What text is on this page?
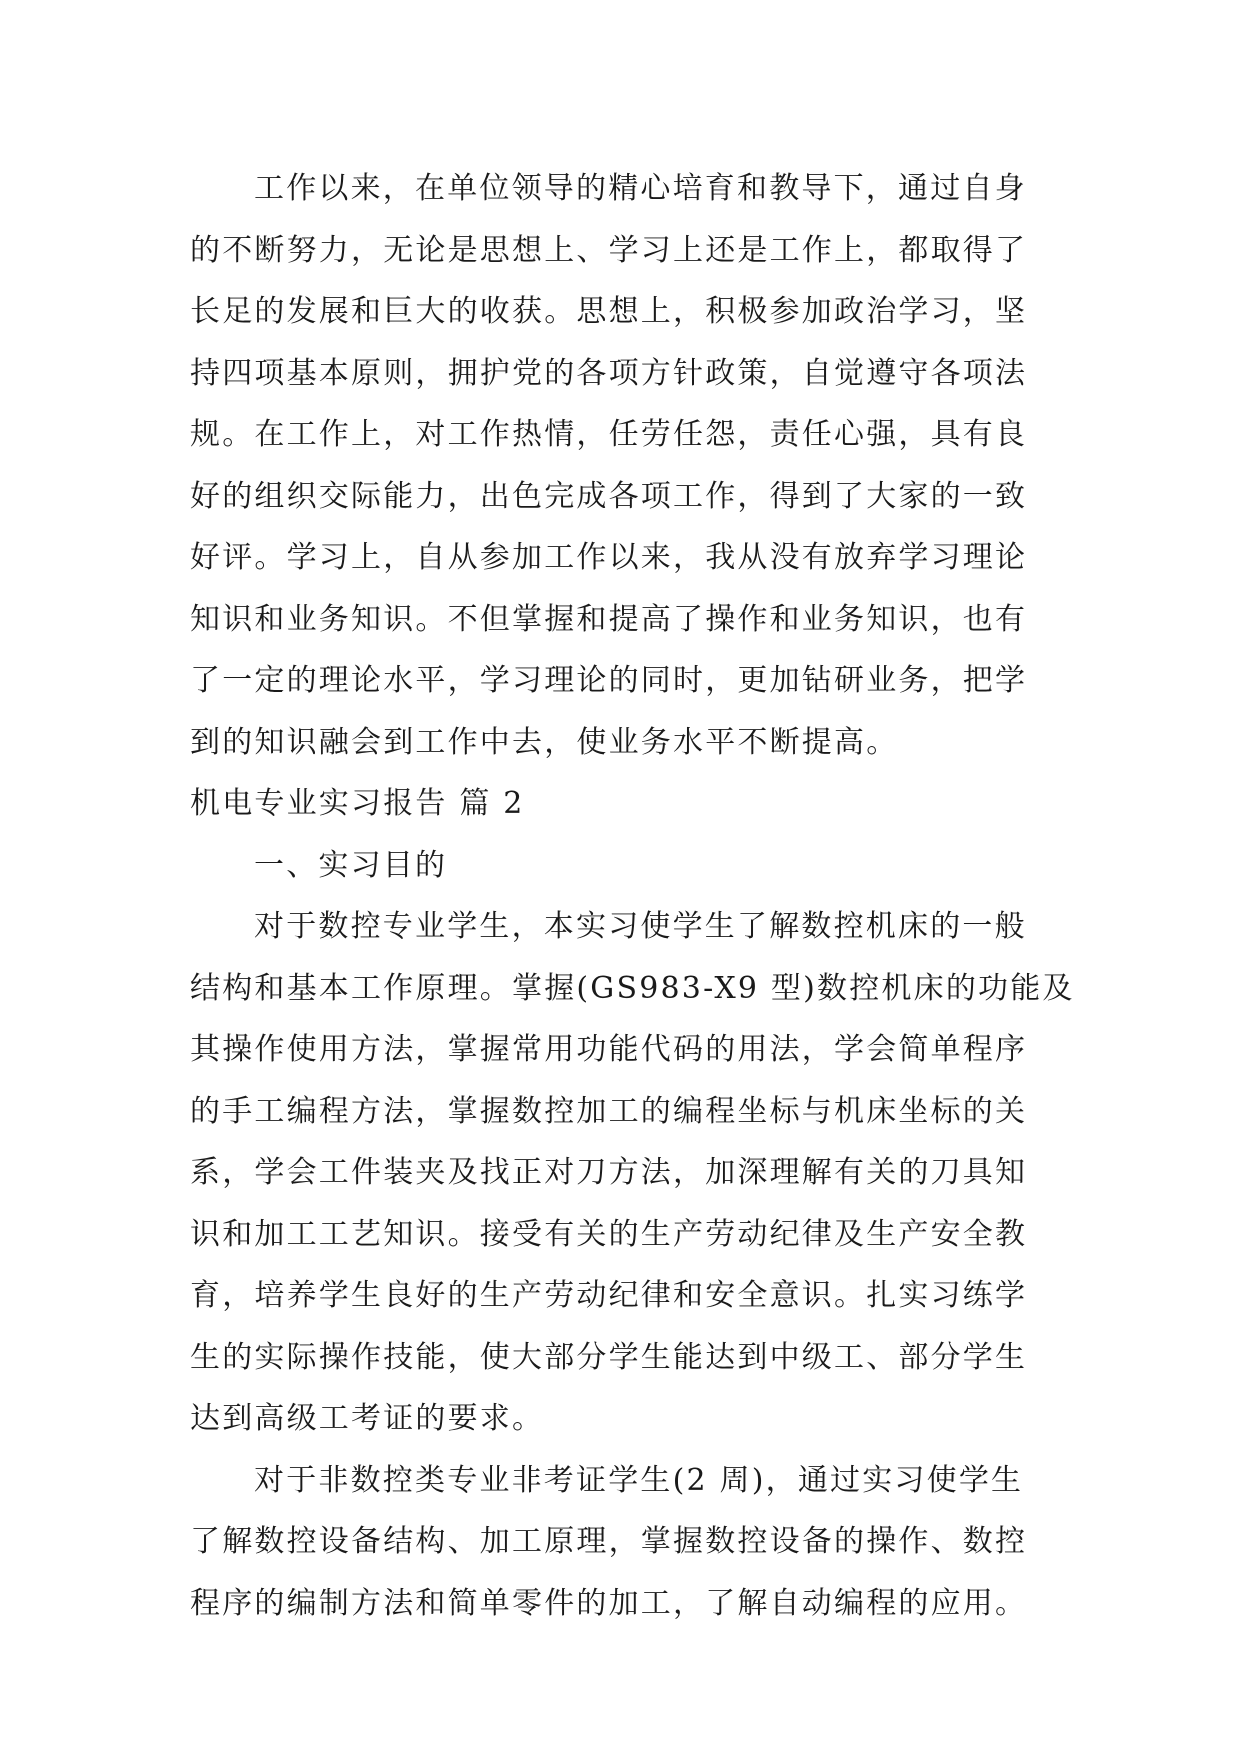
工作以来，在单位领导的精心培育和教导下，通过自身
的不断努力，无论是思想上、学习上还是工作上，都取得了
长足的发展和巨大的收获。思想上，积极参加政治学习，坚
持四项基本原则，拥护党的各项方针政策，自觉遵守各项法
规。在工作上，对工作热情，任劳任怨，责任心强，具有良
好的组织交际能力，出色完成各项工作，得到了大家的一致
好评。学习上，自从参加工作以来，我从没有放弃学习理论
知识和业务知识。不但掌握和提高了操作和业务知识，也有
了一定的理论水平，学习理论的同时，更加钻研业务，把学
到的知识融会到工作中去，使业务水平不断提高。
机电专业实习报告 篇 2
一、实习目的
对于数控专业学生，本实习使学生了解数控机床的一般
结构和基本工作原理。掌握(GS983-X9 型)数控机床的功能及
其操作使用方法，掌握常用功能代码的用法，学会简单程序
的手工编程方法，掌握数控加工的编程坐标与机床坐标的关
系，学会工件装夹及找正对刀方法，加深理解有关的刀具知
识和加工工艺知识。接受有关的生产劳动纪律及生产安全教
育，培养学生良好的生产劳动纪律和安全意识。扎实习练学
生的实际操作技能，使大部分学生能达到中级工、部分学生
达到高级工考证的要求。
对于非数控类专业非考证学生(2 周)，通过实习使学生
了解数控设备结构、加工原理，掌握数控设备的操作、数控
程序的编制方法和简单零件的加工，了解自动编程的应用。
